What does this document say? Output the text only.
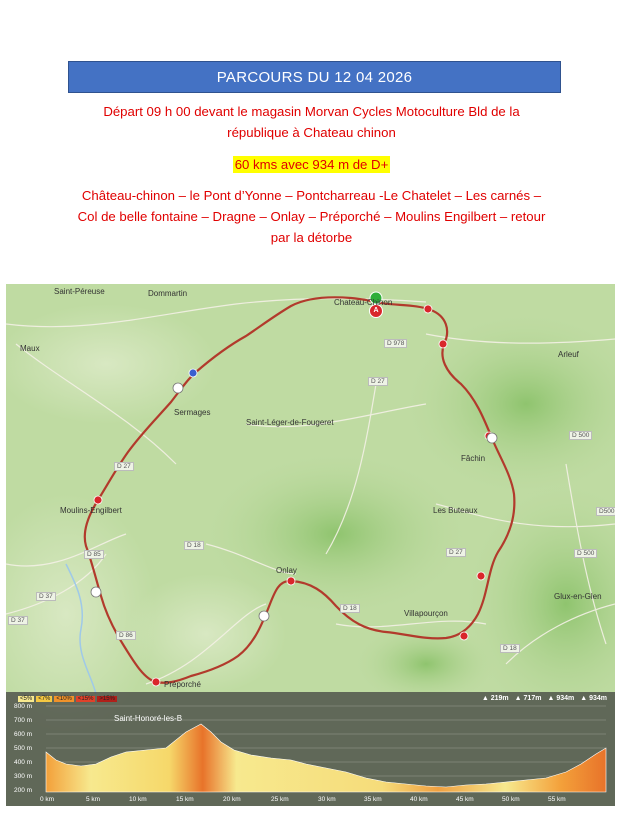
PARCOURS DU 12 04 2026
Départ 09 h 00 devant le magasin Morvan Cycles Motoculture Bld de la
république à Chateau chinon
60 kms avec 934 m de D+
Château-chinon – le Pont d’Yonne – Pontcharreau -Le Chatelet – Les carnés –
Col de belle fontaine – Dragne – Onlay – Préporché – Moulins Engilbert – retour
par la détorbe
A
Saint-Péreuse	Dommartin
Chateau-Chinon
Maux
Arleuf
Sermages
Saint-Léger-de-Fougeret
Fâchin
Moulins-Engilbert	Les Buteaux
Onlay
Glux-en-Glen
Villapourçon
Préporché
D 978
D 27
D 500
D 27
D500
D 18
D 85	D 27	D 500
D 37
D 37
D 18
D 86
D 18
<5%	<7%	<10%	<15%	>15%	▲ 219m ▲ 717m ▲ 934m ▲ 934m
Saint-Honoré-les-B
800 m
700 m
600 m
500 m
400 m
300 m
200 m
0 km	5 km	10 km	15 km	20 km	25 km	30 km	35 km	40 km	45 km	50 km	55 km
